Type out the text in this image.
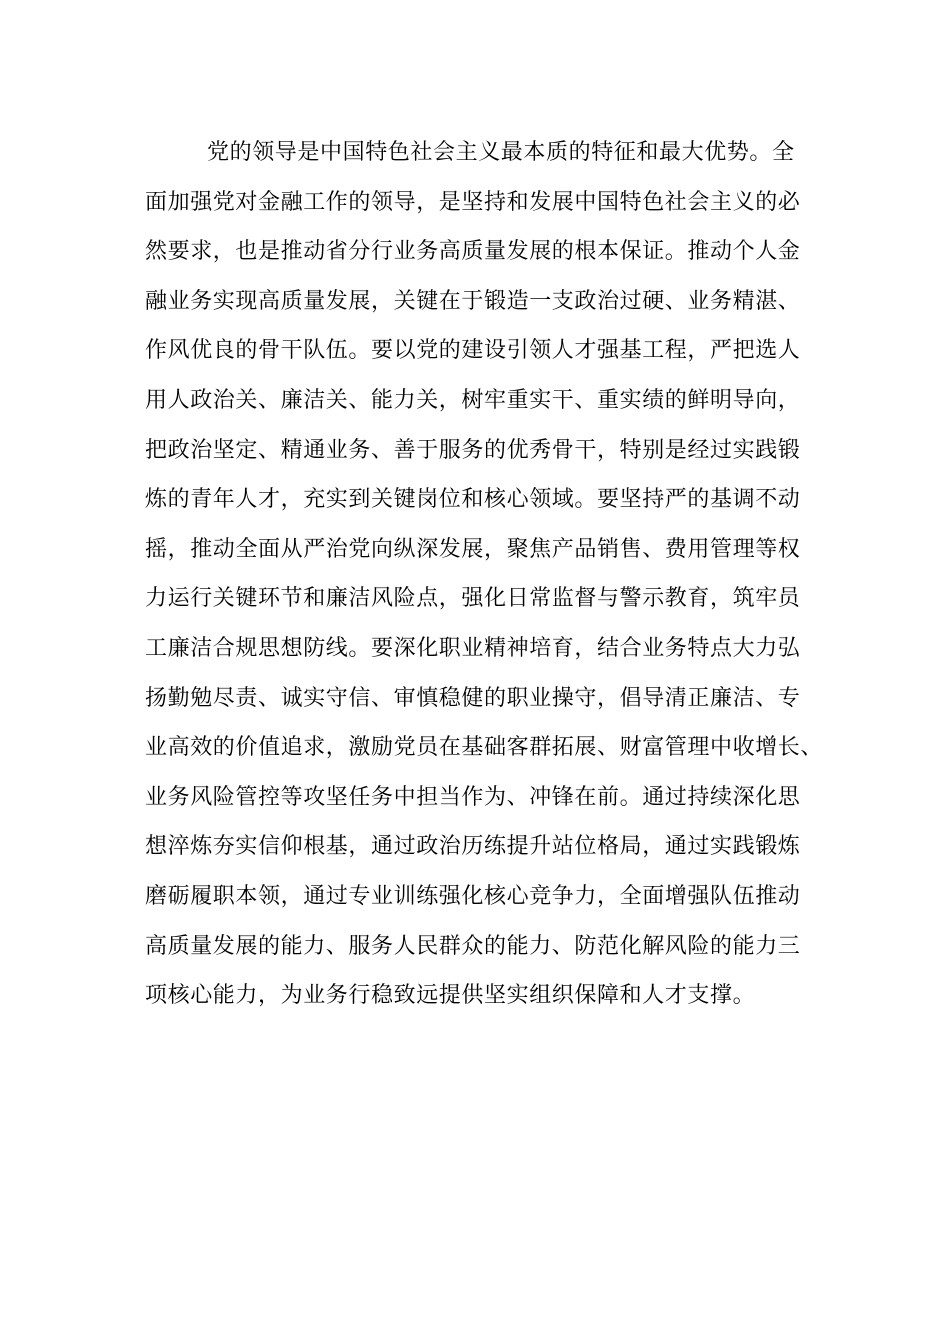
党的领导是中国特色社会主义最本质的特征和最大优势。全
面加强党对金融工作的领导，是坚持和发展中国特色社会主义的必
然要求，也是推动省分行业务高质量发展的根本保证。推动个人金
融业务实现高质量发展，关键在于锻造一支政治过硬、业务精湛、
作风优良的骨干队伍。要以党的建设引领人才强基工程，严把选人
用人政治关、廉洁关、能力关，树牢重实干、重实绩的鲜明导向，
把政治坚定、精通业务、善于服务的优秀骨干，特别是经过实践锻
炼的青年人才，充实到关键岗位和核心领域。要坚持严的基调不动
摇，推动全面从严治党向纵深发展，聚焦产品销售、费用管理等权
力运行关键环节和廉洁风险点，强化日常监督与警示教育，筑牢员
工廉洁合规思想防线。要深化职业精神培育，结合业务特点大力弘
扬勤勉尽责、诚实守信、审慎稳健的职业操守，倡导清正廉洁、专
业高效的价值追求，激励党员在基础客群拓展、财富管理中收增长、
业务风险管控等攻坚任务中担当作为、冲锋在前。通过持续深化思
想淬炼夯实信仰根基，通过政治历练提升站位格局，通过实践锻炼
磨砺履职本领，通过专业训练强化核心竞争力，全面增强队伍推动
高质量发展的能力、服务人民群众的能力、防范化解风险的能力三
项核心能力，为业务行稳致远提供坚实组织保障和人才支撑。
